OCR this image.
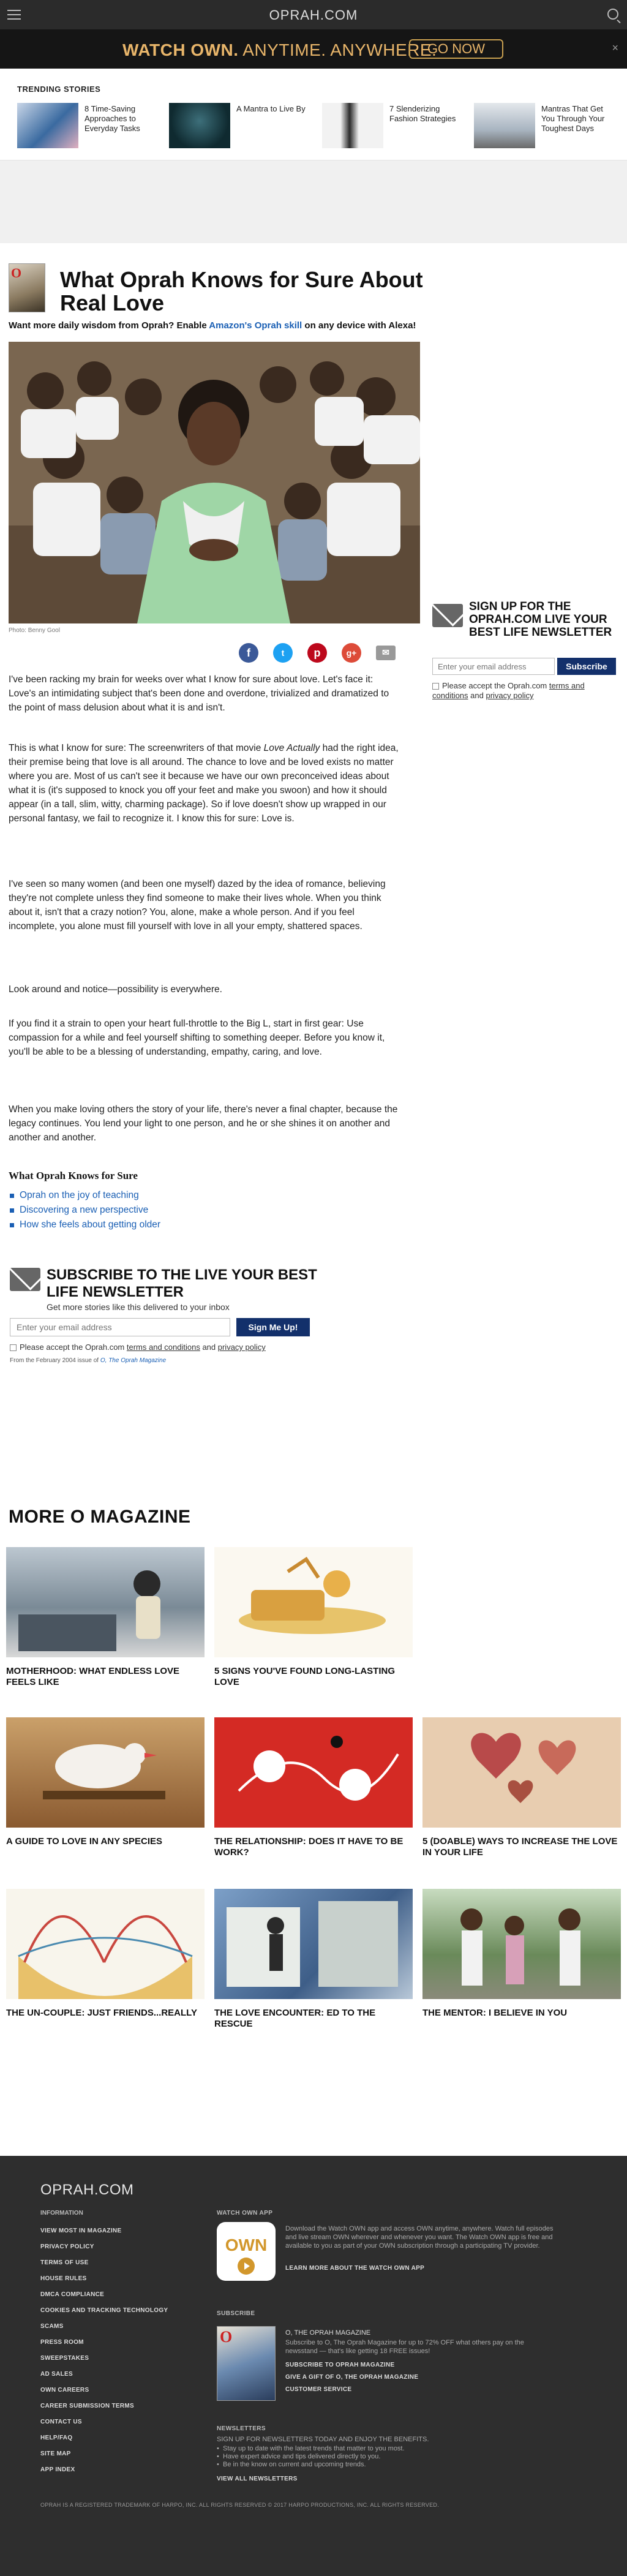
OPRAH.COM
WATCH OWN. ANYTIME. ANYWHERE.
GO NOW	×
TRENDING STORIES
8 Time-Saving Approaches to Everyday Tasks
A Mantra to Live By	7 Slenderizing Fashion Strategies
Mantras That Get You Through Your Toughest Days
O What Oprah Knows for Sure About Real Love

Want more daily wisdom from Oprah? Enable Amazon's Oprah skill on any device with Alexa!

Photo: Benny Gool
f	t	p	g+	✉

I've been racking my brain for weeks over what I know for sure about love. Let's face it: Love's an intimidating subject that's been done and overdone, trivialized and dramatized to the point of mass delusion about what it is and isn't.

This is what I know for sure: The screenwriters of that movie Love Actually had the right idea, their premise being that love is all around. The chance to love and be loved exists no matter where you are. Most of us can't see it because we have our own preconceived ideas about what it is (it's supposed to knock you off your feet and make you swoon) and how it should appear (in a tall, slim, witty, charming package). So if love doesn't show up wrapped in our personal fantasy, we fail to recognize it. I know this for sure: Love is.

I've seen so many women (and been one myself) dazed by the idea of romance, believing they're not complete unless they find someone to make their lives whole. When you think about it, isn't that a crazy notion? You, alone, make a whole person. And if you feel incomplete, you alone must fill yourself with love in all your empty, shattered spaces.

Look around and notice—possibility is everywhere.

If you find it a strain to open your heart full-throttle to the Big L, start in first gear: Use compassion for a while and feel yourself shifting to something deeper. Before you know it, you'll be able to be a blessing of understanding, empathy, caring, and love.

When you make loving others the story of your life, there's never a final chapter, because the legacy continues. You lend your light to one person, and he or she shines it on another and another and another.

What Oprah Knows for Sure
Oprah on the joy of teaching
Discovering a new perspective
How she feels about getting older
SUBSCRIBE TO THE LIVE YOUR BEST LIFE NEWSLETTER
Get more stories like this delivered to your inbox
Enter your email address
Sign Me Up!
Please accept the Oprah.com terms and conditions and privacy policy
From the February 2004 issue of O, The Oprah Magazine
SIGN UP FOR THE OPRAH.COM LIVE YOUR BEST LIFE NEWSLETTER
Enter your email address
Subscribe
Please accept the Oprah.com terms and conditions and privacy policy
MORE O MAGAZINE
MOTHERHOOD: WHAT ENDLESS LOVE FEELS LIKE
5 SIGNS YOU'VE FOUND LONG-LASTING LOVE
A GUIDE TO LOVE IN ANY SPECIES	THE RELATIONSHIP: DOES IT HAVE TO BE WORK?
5 (DOABLE) WAYS TO INCREASE THE LOVE IN YOUR LIFE
THE UN-COUPLE: JUST FRIENDS...REALLY	THE LOVE ENCOUNTER: ED TO THE RESCUE
THE MENTOR: I BELIEVE IN YOU
OPRAH.COM
INFORMATION
VIEW MOST IN MAGAZINE
PRIVACY POLICY
TERMS OF USE
HOUSE RULES
DMCA COMPLIANCE
COOKIES AND TRACKING TECHNOLOGY
SCAMS
PRESS ROOM
SWEEPSTAKES
AD SALES
OWN CAREERS
CAREER SUBMISSION TERMS
CONTACT US
HELP/FAQ
SITE MAP
APP INDEX
WATCH OWN APP
OWN
Download the Watch OWN app and access OWN anytime, anywhere. Watch full episodes and live stream OWN wherever and whenever you want. The Watch OWN app is free and available to you as part of your OWN subscription through a participating TV provider.
LEARN MORE ABOUT THE WATCH OWN APP
SUBSCRIBE
O	O, THE OPRAH MAGAZINE
Subscribe to O, The Oprah Magazine for up to 72% OFF what others pay on the newsstand — that's like getting 18 FREE issues!
SUBSCRIBE TO OPRAH MAGAZINE
GIVE A GIFT OF O, THE OPRAH MAGAZINE
CUSTOMER SERVICE
NEWSLETTERS
SIGN UP FOR NEWSLETTERS TODAY AND ENJOY THE BENEFITS.
• Stay up to date with the latest trends that matter to you most.
• Have expert advice and tips delivered directly to you.
• Be in the know on current and upcoming trends.
VIEW ALL NEWSLETTERS
OPRAH IS A REGISTERED TRADEMARK OF HARPO, INC. ALL RIGHTS RESERVED © 2017 HARPO PRODUCTIONS, INC. ALL RIGHTS RESERVED.
